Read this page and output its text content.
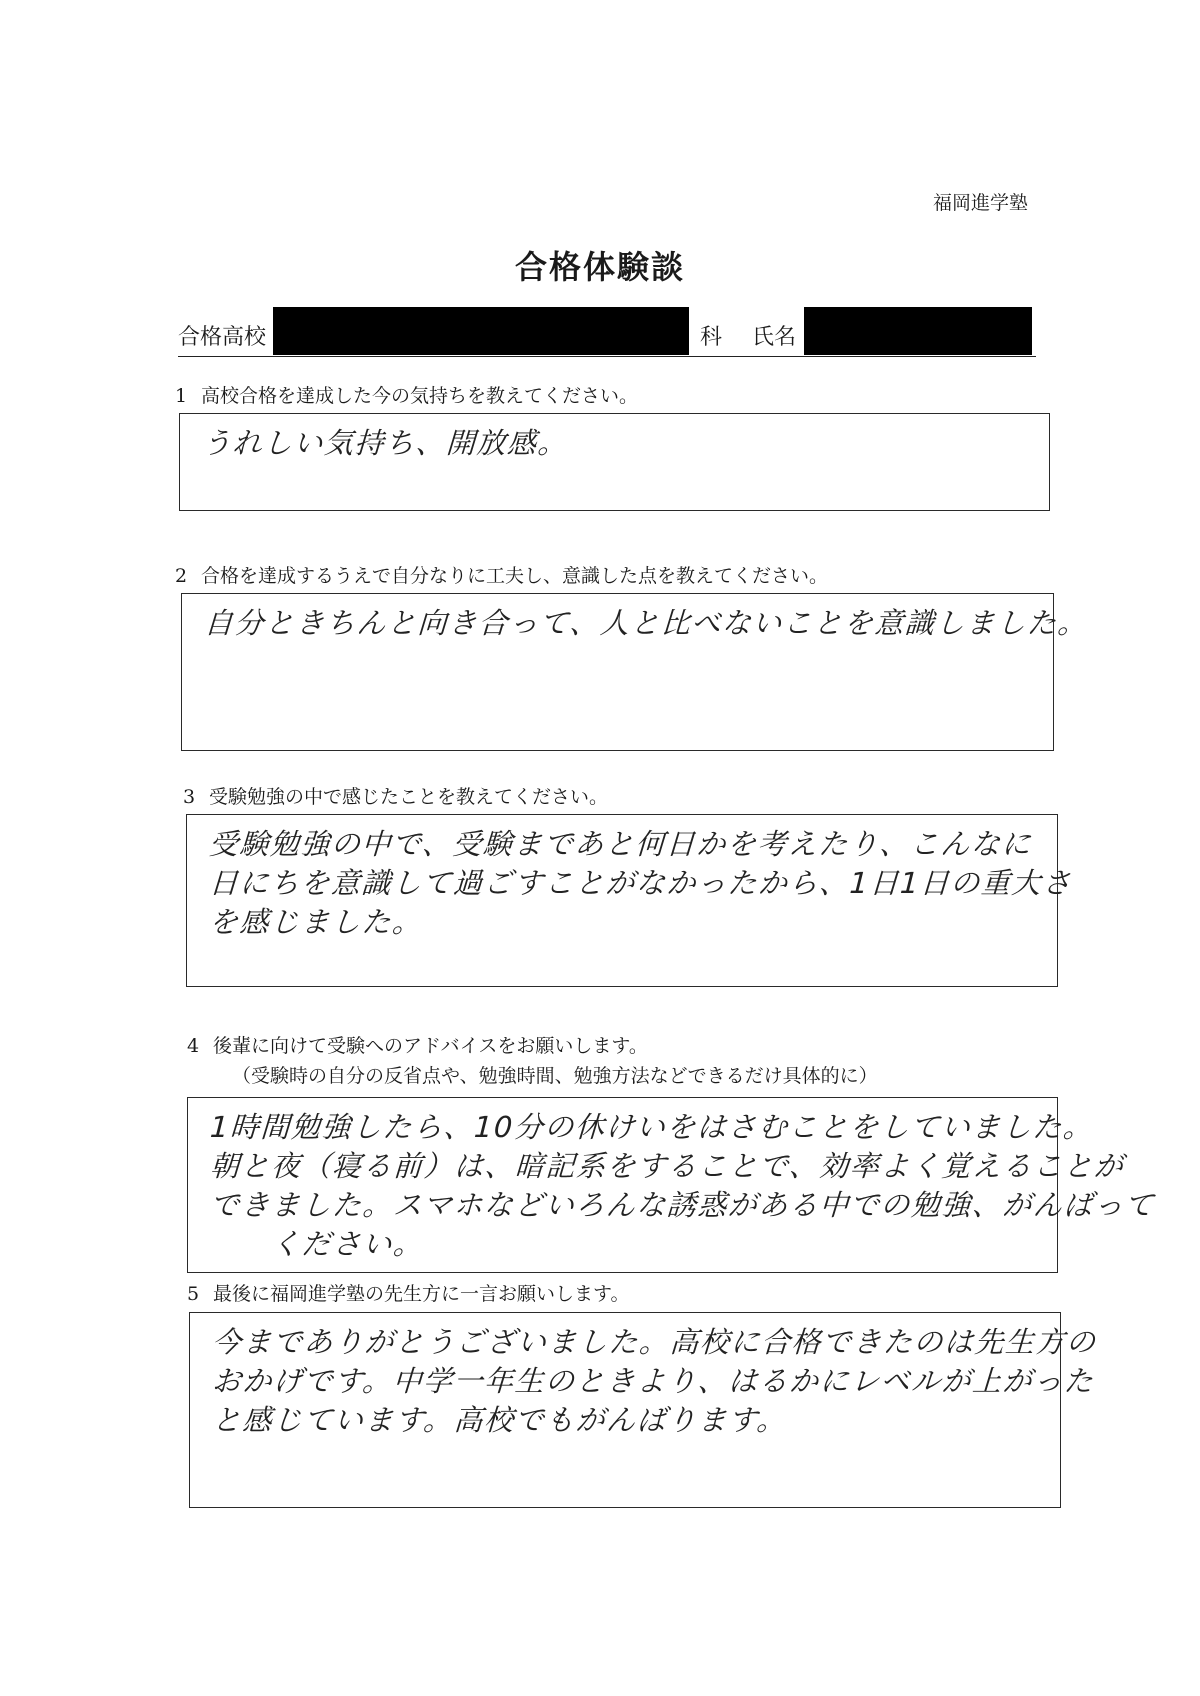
福岡進学塾
合格体験談
合格高校	科 氏名
1 高校合格を達成した今の気持ちを教えてください。
うれしい気持ち、開放感。
2 合格を達成するうえで自分なりに工夫し、意識した点を教えてください。
自分ときちんと向き合って、人と比べないことを意識しました。
3 受験勉強の中で感じたことを教えてください。
受験勉強の中で、受験まであと何日かを考えたり、こんなに
日にちを意識して過ごすことがなかったから、1日1日の重大さ
を感じました。
4 後輩に向けて受験へのアドバイスをお願いします。
（受験時の自分の反省点や、勉強時間、勉強方法などできるだけ具体的に）
1時間勉強したら、10分の休けいをはさむことをしていました。
朝と夜（寝る前）は、暗記系をすることで、効率よく覚えることが
できました。スマホなどいろんな誘惑がある中での勉強、がんばって
　　ください。
5 最後に福岡進学塾の先生方に一言お願いします。
今までありがとうございました。高校に合格できたのは先生方の
おかげです。中学一年生のときより、はるかにレベルが上がった
と感じています。高校でもがんばります。
